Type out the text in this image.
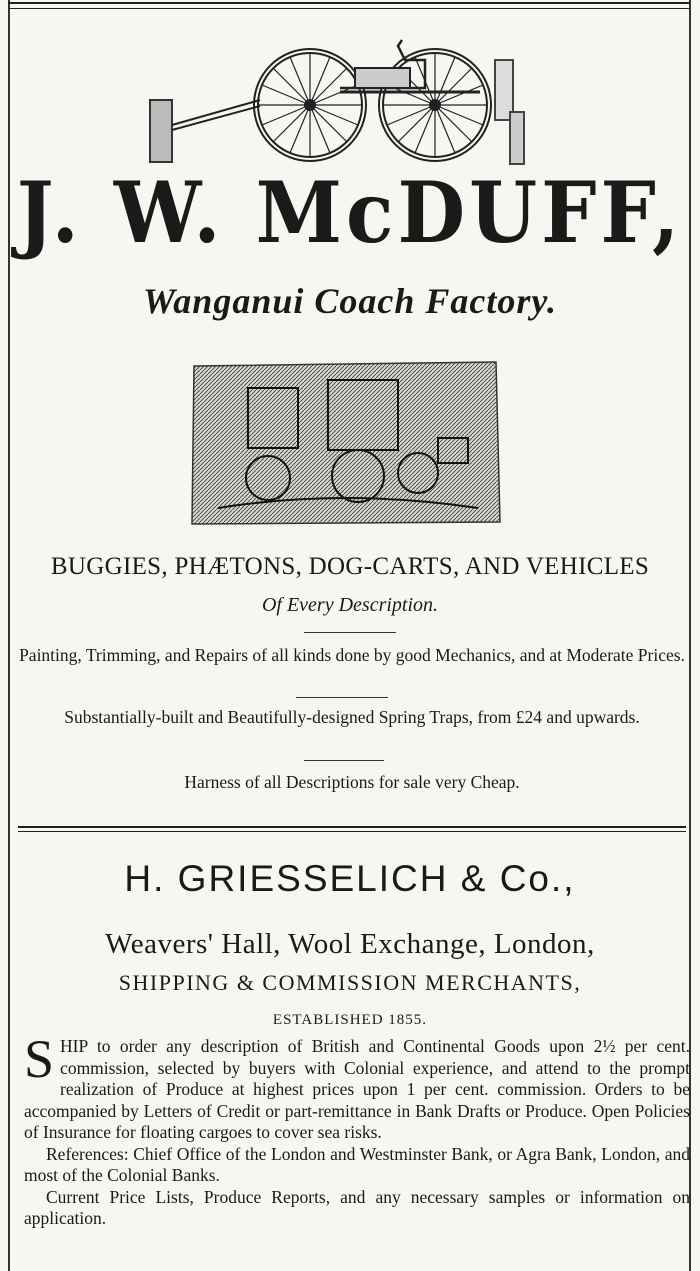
J. W. McDUFF,
Wanganui Coach Factory.
BUGGIES, PHÆTONS, DOG-CARTS, AND VEHICLES
Of Every Description.
Painting, Trimming, and Repairs of all kinds done by good Mechanics, and at Moderate Prices.
Substantially-built and Beautifully-designed Spring Traps, from £24 and upwards.
Harness of all Descriptions for sale very Cheap.
H. GRIESSELICH & Co.,
Weavers' Hall, Wool Exchange, London,
SHIPPING & COMMISSION MERCHANTS,
ESTABLISHED 1855.

SHIP to order any description of British and Continental Goods upon 2½ per cent. commission, selected by buyers with Colonial experience, and attend to the prompt realization of Produce at highest prices upon 1 per cent. commission. Orders to be accompanied by Letters of Credit or part-remittance in Bank Drafts or Produce. Open Policies of Insurance for floating cargoes to cover sea risks.

References: Chief Office of the London and Westminster Bank, or Agra Bank, London, and most of the Colonial Banks.

Current Price Lists, Produce Reports, and any necessary samples or information on application.
